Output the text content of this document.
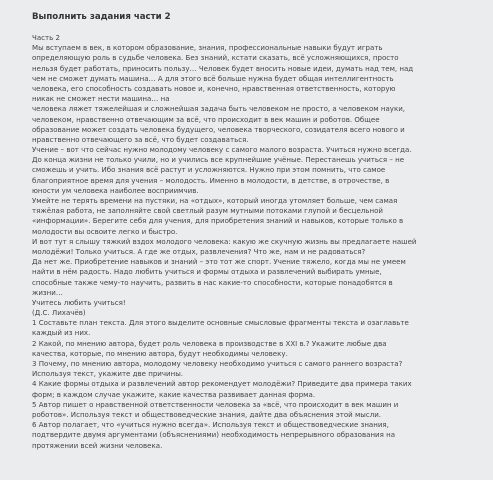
Выполнить задания части 2
Часть 2
Мы вступаем в век, в котором образование, знания, профессиональные навыки будут играть
определяющую роль в судьбе человека. Без знаний, кстати сказать, всё усложняющихся, просто
нельзя будет работать, приносить пользу… Человек будет вносить новые идеи, думать над тем, над
чем не сможет думать машина… А для этого всё больше нужна будет общая интеллигентность
человека, его способность создавать новое и, конечно, нравственная ответственность, которую
никак не сможет нести машина… на
человека ляжет тяжелейшая и сложнейшая задача быть человеком не просто, а человеком науки,
человеком, нравственно отвечающим за всё, что происходит в век машин и роботов. Общее
образование может создать человека будущего, человека творческого, созидателя всего нового и
нравственно отвечающего за всё, что будет создаваться.
Учение – вот что сейчас нужно молодому человеку с самого малого возраста. Учиться нужно всегда.
До конца жизни не только учили, но и учились все крупнейшие учёные. Перестанешь учиться – не
сможешь и учить. Ибо знания всё растут и усложняются. Нужно при этом помнить, что самое
благоприятное время для учения – молодость. Именно в молодости, в детстве, в отрочестве, в
юности ум человека наиболее восприимчив.
Умейте не терять времени на пустяки, на «отдых», который иногда утомляет больше, чем самая
тяжёлая работа, не заполняйте свой светлый разум мутными потоками глупой и бесцельной
«информации». Берегите себя для учения, для приобретения знаний и навыков, которые только в
молодости вы освоите легко и быстро.
И вот тут я слышу тяжкий вздох молодого человека: какую же скучную жизнь вы предлагаете нашей
молодёжи! Только учиться. А где же отдых, развлечения? Что же, нам и не радоваться?
Да нет же. Приобретение навыков и знаний – это тот же спорт. Учение тяжело, когда мы не умеем
найти в нём радость. Надо любить учиться и формы отдыха и развлечений выбирать умные,
способные также чему-то научить, развить в нас какие-то способности, которые понадобятся в
жизни…
Учитесь любить учиться!
(Д.С. Лихачёв)
1 Составьте план текста. Для этого выделите основные смысловые фрагменты текста и озаглавьте
каждый из них.
2 Какой, по мнению автора, будет роль человека в производстве в XXI в.? Укажите любые два
качества, которые, по мнению автора, будут необходимы человеку.
3 Почему, по мнению автора, молодому человеку необходимо учиться с самого раннего возраста?
Используя текст, укажите две причины.
4 Какие формы отдыха и развлечений автор рекомендует молодёжи? Приведите два примера таких
форм; в каждом случае укажите, какие качества развивает данная форма.
5 Автор пишет о нравственной ответственности человека за «всё, что происходит в век машин и
роботов». Используя текст и обществоведческие знания, дайте два объяснения этой мысли.
6 Автор полагает, что «учиться нужно всегда». Используя текст и обществоведческие знания,
подтвердите двумя аргументами (объяснениями) необходимость непрерывного образования на
протяжении всей жизни человека.
